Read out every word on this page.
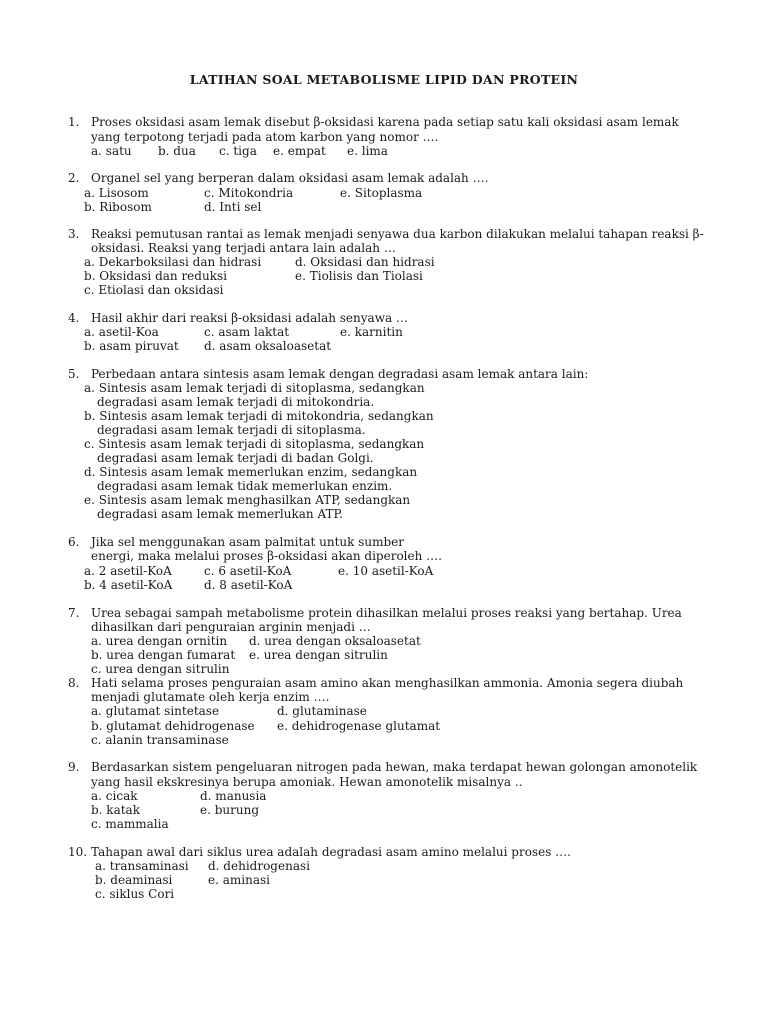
LATIHAN SOAL METABOLISME LIPID DAN PROTEIN
1. Proses oksidasi asam lemak disebut β-oksidasi karena pada setiap satu kali oksidasi asam lemak
yang terpotong terjadi pada atom karbon yang nomor ….
a. satu b. dua c. tiga e. empat e. lima
2. Organel sel yang berperan dalam oksidasi asam lemak adalah ….
a. Lisosom	c. Mitokondria	e. Sitoplasma
b. Ribosom	d. Inti sel
3. Reaksi pemutusan rantai as lemak menjadi senyawa dua karbon dilakukan melalui tahapan reaksi β-
oksidasi. Reaksi yang terjadi antara lain adalah …
a. Dekarboksilasi dan hidrasi	d. Oksidasi dan hidrasi
b. Oksidasi dan reduksi	e. Tiolisis dan Tiolasi
c. Etiolasi dan oksidasi
4. Hasil akhir dari reaksi β-oksidasi adalah senyawa …
a. asetil-Koa	c. asam laktat	e. karnitin
b. asam piruvat d. asam oksaloasetat
5. Perbedaan antara sintesis asam lemak dengan degradasi asam lemak antara lain:
a. Sintesis asam lemak terjadi di sitoplasma, sedangkan
degradasi asam lemak terjadi di mitokondria.
b. Sintesis asam lemak terjadi di mitokondria, sedangkan
degradasi asam lemak terjadi di sitoplasma.
c. Sintesis asam lemak terjadi di sitoplasma, sedangkan
degradasi asam lemak terjadi di badan Golgi.
d. Sintesis asam lemak memerlukan enzim, sedangkan
degradasi asam lemak tidak memerlukan enzim.
e. Sintesis asam lemak menghasilkan ATP, sedangkan
degradasi asam lemak memerlukan ATP.
6. Jika sel menggunakan asam palmitat untuk sumber
energi, maka melalui proses β-oksidasi akan diperoleh ….
a. 2 asetil-KoA	c. 6 asetil-KoA	e. 10 asetil-KoA
b. 4 asetil-KoA	d. 8 asetil-KoA
7. Urea sebagai sampah metabolisme protein dihasilkan melalui proses reaksi yang bertahap. Urea
dihasilkan dari penguraian arginin menjadi …
a. urea dengan ornitin d. urea dengan oksaloasetat
b. urea dengan fumarat e. urea dengan sitrulin
c. urea dengan sitrulin
8. Hati selama proses penguraian asam amino akan menghasilkan ammonia. Amonia segera diubah
menjadi glutamate oleh kerja enzim ….
a. glutamat sintetase	d. glutaminase
b. glutamat dehidrogenase e. dehidrogenase glutamat
c. alanin transaminase
9. Berdasarkan sistem pengeluaran nitrogen pada hewan, maka terdapat hewan golongan amonotelik
yang hasil ekskresinya berupa amoniak. Hewan amonotelik misalnya ..
a. cicak	d. manusia
b. katak	e. burung
c. mammalia
10. Tahapan awal dari siklus urea adalah degradasi asam amino melalui proses ….
a. transaminasi d. dehidrogenasi
b. deaminasi	e. aminasi
c. siklus Cori
